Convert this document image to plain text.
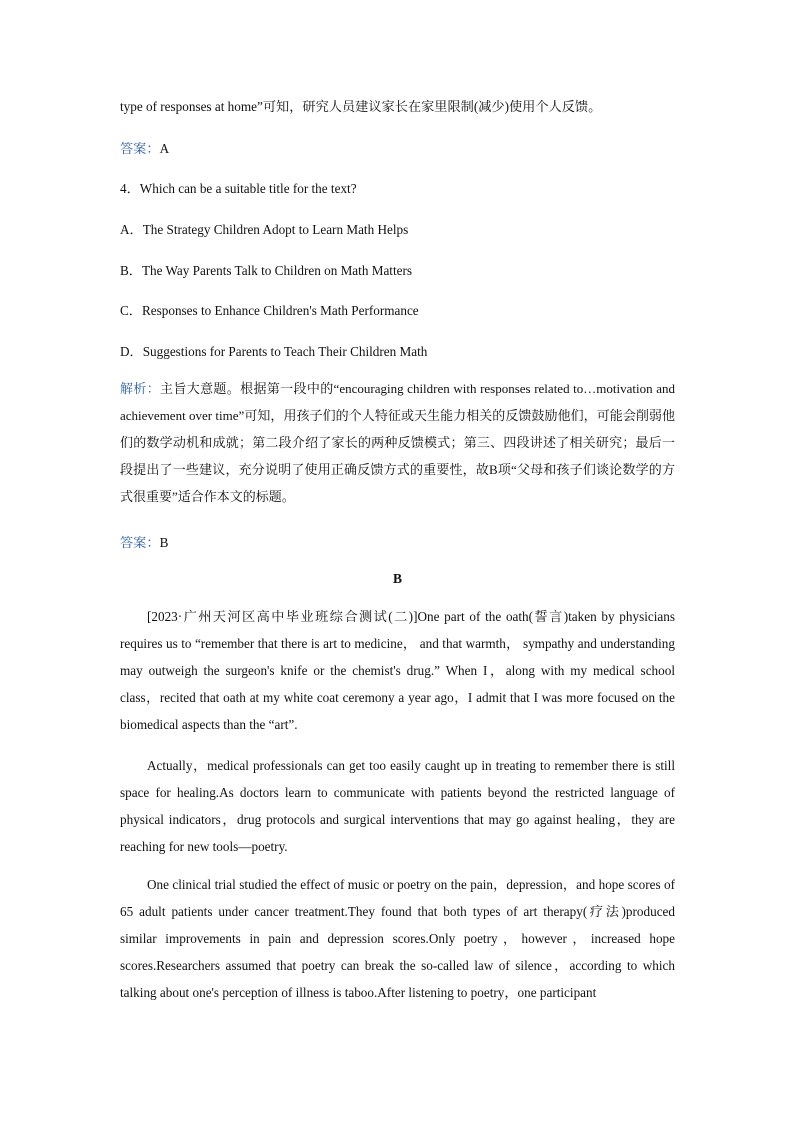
type of responses at home”可知，研究人员建议家长在家里限制(减少)使用个人反馈。
答案：A
4．Which can be a suitable title for the text?
A．The Strategy Children Adopt to Learn Math Helps
B．The Way Parents Talk to Children on Math Matters
C．Responses to Enhance Children's Math Performance
D．Suggestions for Parents to Teach Their Children Math
解析：主旨大意题。根据第一段中的“encouraging children with responses related to…motivation and achievement over time”可知，用孩子们的个人特征或天生能力相关的反馈鼓励他们，可能会削弱他们的数学动机和成就；第二段介绍了家长的两种反馈模式；第三、四段讲述了相关研究；最后一段提出了一些建议，充分说明了使用正确反馈方式的重要性，故B项“父母和孩子们谈论数学的方式很重要”适合作本文的标题。
答案：B
B
[2023·广州天河区高中毕业班综合测试(二)]One part of the oath(誓言)taken by physicians requires us to “remember that there is art to medicine， and that warmth， sympathy and understanding may outweigh the surgeon's knife or the chemist's drug.” When I，along with my medical school class，recited that oath at my white coat ceremony a year ago，I admit that I was more focused on the biomedical aspects than the “art”.
Actually，medical professionals can get too easily caught up in treating to remember there is still space for healing.As doctors learn to communicate with patients beyond the restricted language of physical indicators，drug protocols and surgical interventions that may go against healing，they are reaching for new tools—poetry.
One clinical trial studied the effect of music or poetry on the pain，depression，and hope scores of 65 adult patients under cancer treatment.They found that both types of art therapy(疗法)produced similar improvements in pain and depression scores.Only poetry，however，increased hope scores.Researchers assumed that poetry can break the so-called law of silence，according to which talking about one's perception of illness is taboo.After listening to poetry，one participant
